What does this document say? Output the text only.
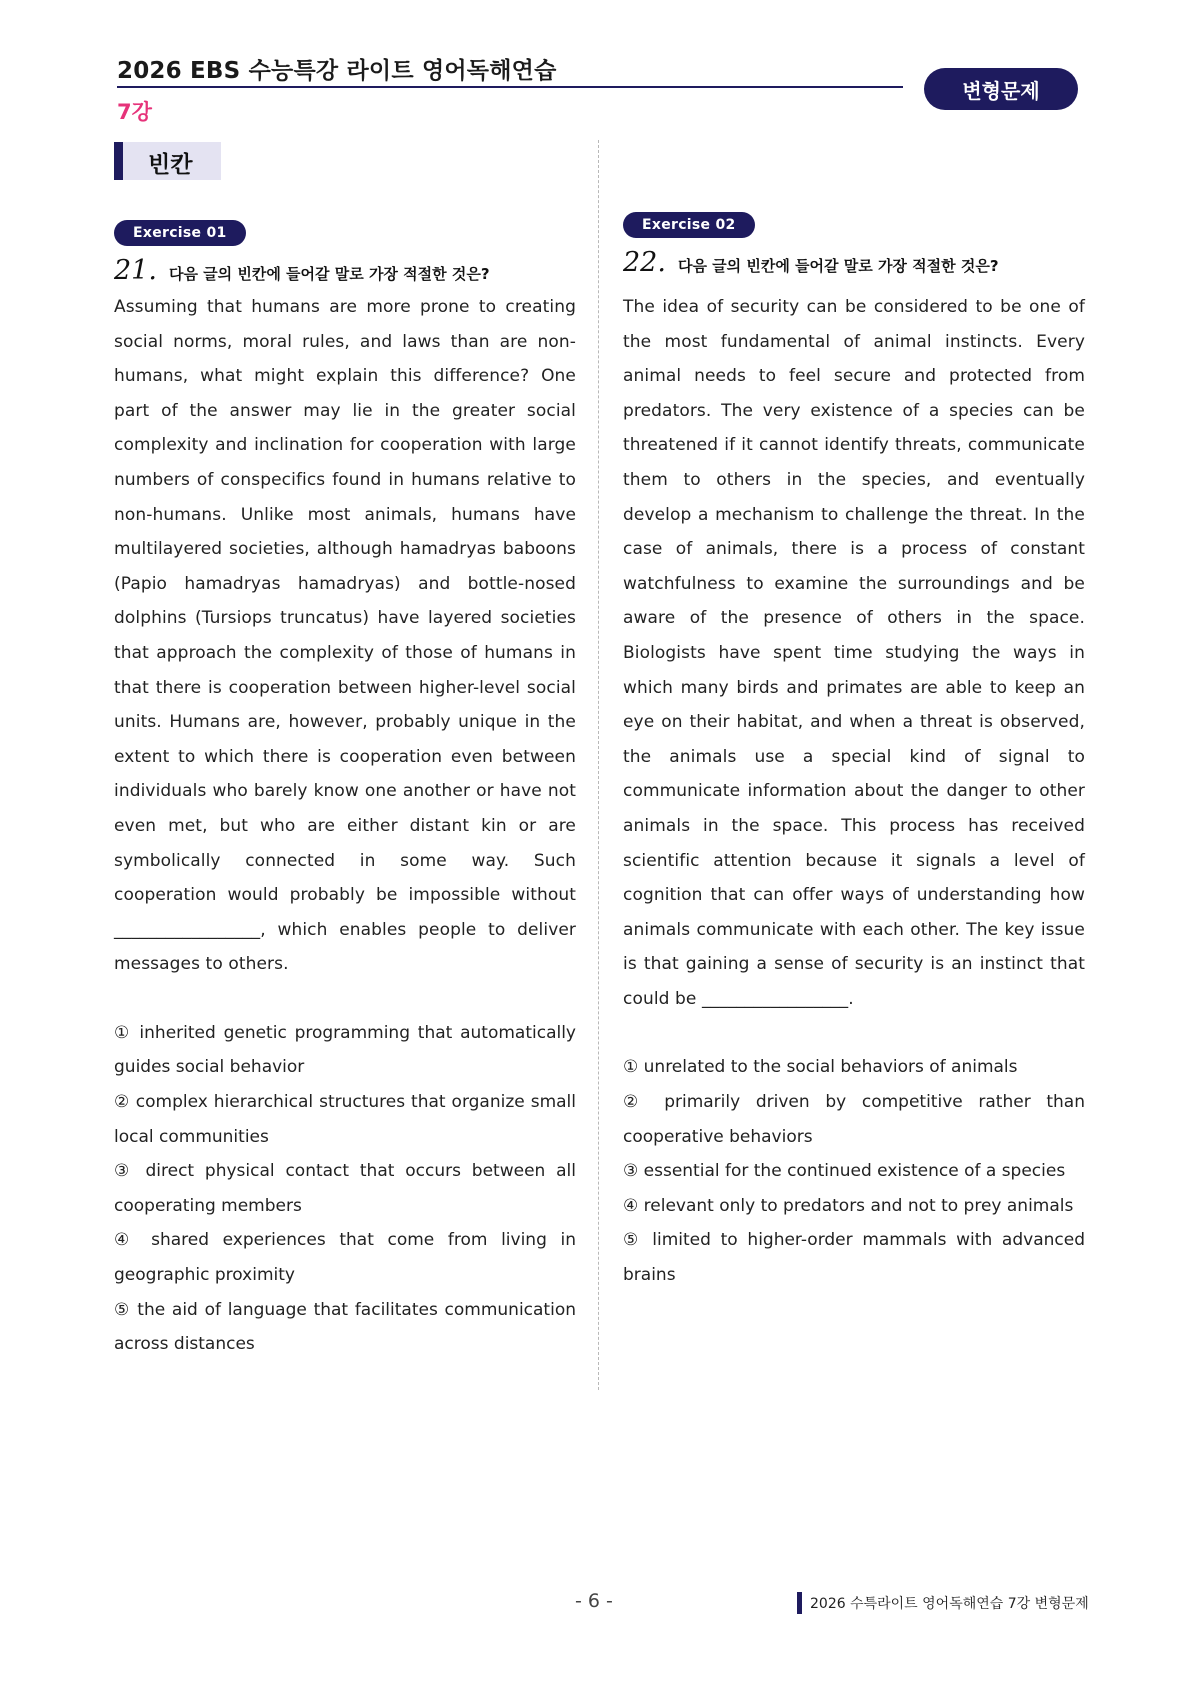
2026 EBS 수능특강 라이트 영어독해연습
7강
변형문제
빈칸
Exercise 01
21. 다음 글의 빈칸에 들어갈 말로 가장 적절한 것은?

Assuming that humans are more prone to creating social norms, moral rules, and laws than are non-humans, what might explain this difference? One part of the answer may lie in the greater social complexity and inclination for cooperation with large numbers of conspecifics found in humans relative to non-humans. Unlike most animals, humans have multilayered societies, although hamadryas baboons (Papio hamadryas hamadryas) and bottle-nosed dolphins (Tursiops truncatus) have layered societies that approach the complexity of those of humans in that there is cooperation between higher-level social units. Humans are, however, probably unique in the extent to which there is cooperation even between individuals who barely know one another or have not even met, but who are either distant kin or are symbolically connected in some way. Such cooperation would probably be impossible without _________________, which enables people to deliver messages to others.

① inherited genetic programming that automatically guides social behavior
② complex hierarchical structures that organize small local communities
③ direct physical contact that occurs between all cooperating members
④ shared experiences that come from living in geographic proximity
⑤ the aid of language that facilitates communication across distances
Exercise 02
22. 다음 글의 빈칸에 들어갈 말로 가장 적절한 것은?

The idea of security can be considered to be one of the most fundamental of animal instincts. Every animal needs to feel secure and protected from predators. The very existence of a species can be threatened if it cannot identify threats, communicate them to others in the species, and eventually develop a mechanism to challenge the threat. In the case of animals, there is a process of constant watchfulness to examine the surroundings and be aware of the presence of others in the space. Biologists have spent time studying the ways in which many birds and primates are able to keep an eye on their habitat, and when a threat is observed, the animals use a special kind of signal to communicate information about the danger to other animals in the space. This process has received scientific attention because it signals a level of cognition that can offer ways of understanding how animals communicate with each other. The key issue is that gaining a sense of security is an instinct that could be _________________.

① unrelated to the social behaviors of animals
② primarily driven by competitive rather than cooperative behaviors
③ essential for the continued existence of a species
④ relevant only to predators and not to prey animals
⑤ limited to higher-order mammals with advanced brains
- 6 -	2026 수특라이트 영어독해연습 7강 변형문제
